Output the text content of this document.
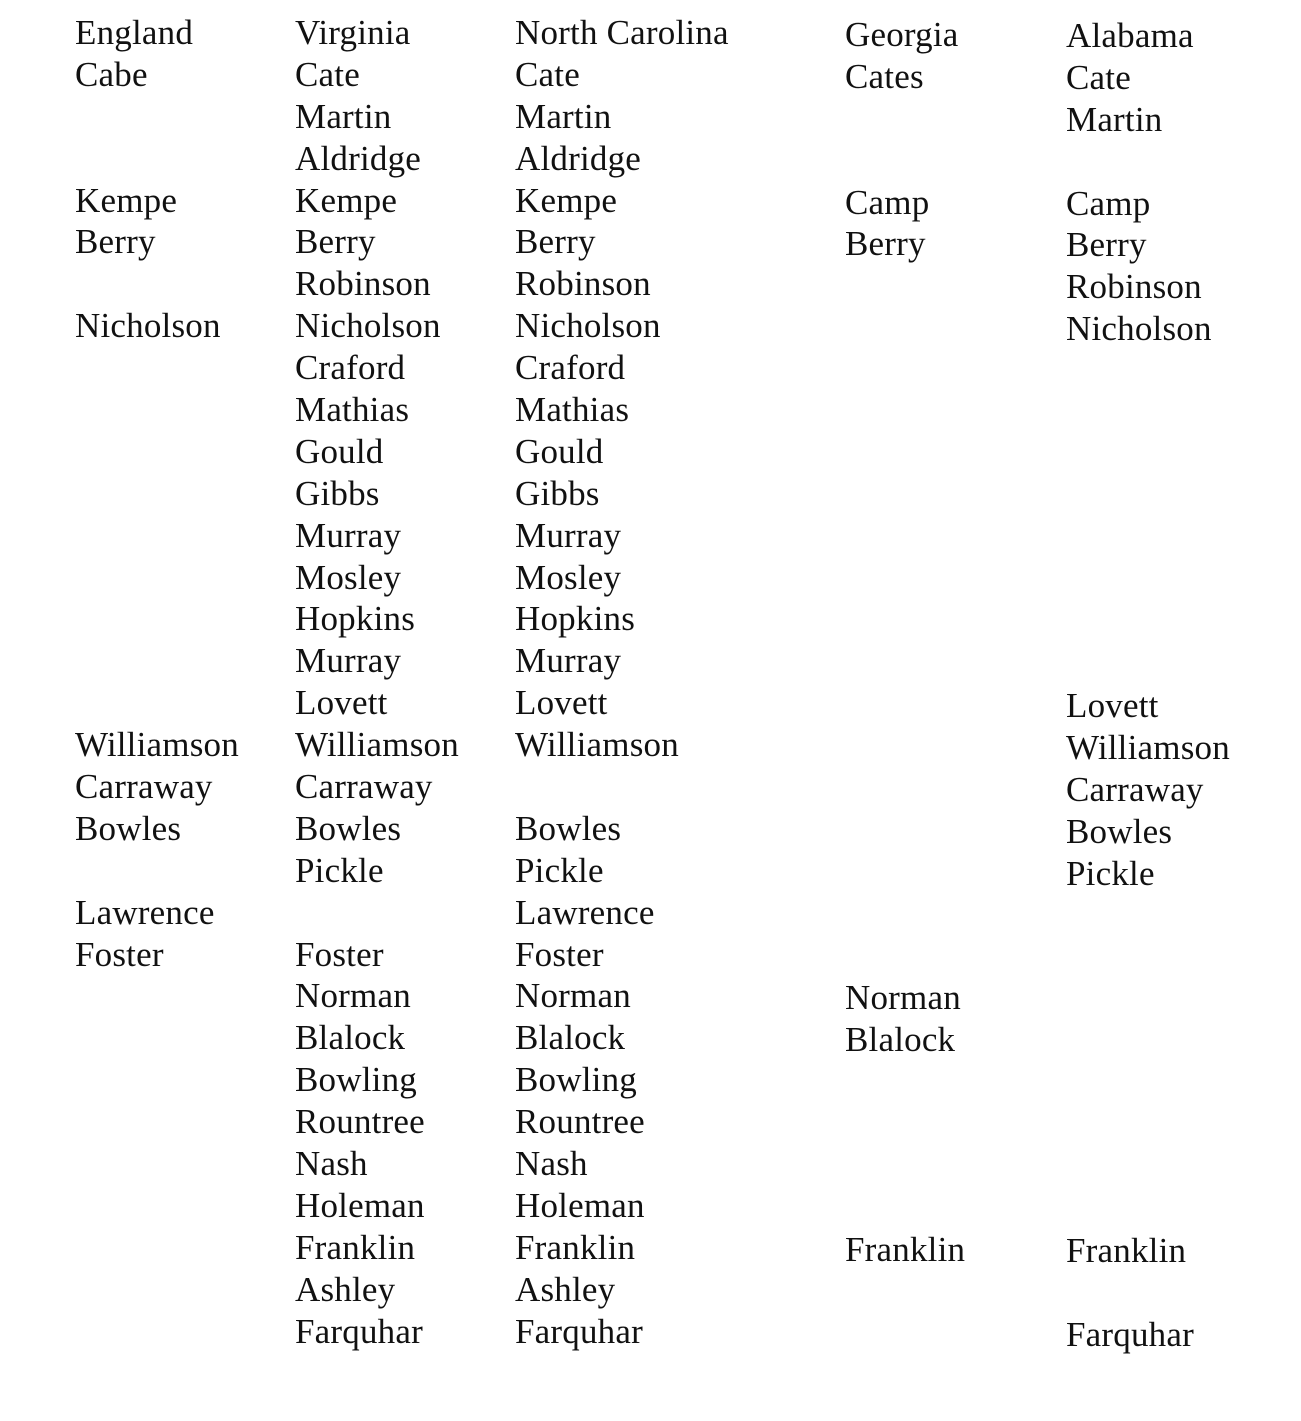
England
Cabe
Kempe
Berry
Nicholson
Williamson
Carraway
Bowles
Lawrence
Foster
Virginia
Cate
Martin
Aldridge
Kempe
Berry
Robinson
Nicholson
Craford
Mathias
Gould
Gibbs
Murray
Mosley
Hopkins
Murray
Lovett
Williamson
Carraway
Bowles
Pickle
Foster
Norman
Blalock
Bowling
Rountree
Nash
Holeman
Franklin
Ashley
Farquhar
North Carolina
Cate
Martin
Aldridge
Kempe
Berry
Robinson
Nicholson
Craford
Mathias
Gould
Gibbs
Murray
Mosley
Hopkins
Murray
Lovett
Williamson
Bowles
Pickle
Lawrence
Foster
Norman
Blalock
Bowling
Rountree
Nash
Holeman
Franklin
Ashley
Farquhar
Georgia
Cates
Camp
Berry
Norman
Blalock
Franklin
Alabama
Cate
Martin
Camp
Berry
Robinson
Nicholson
Lovett
Williamson
Carraway
Bowles
Pickle
Franklin
Farquhar
